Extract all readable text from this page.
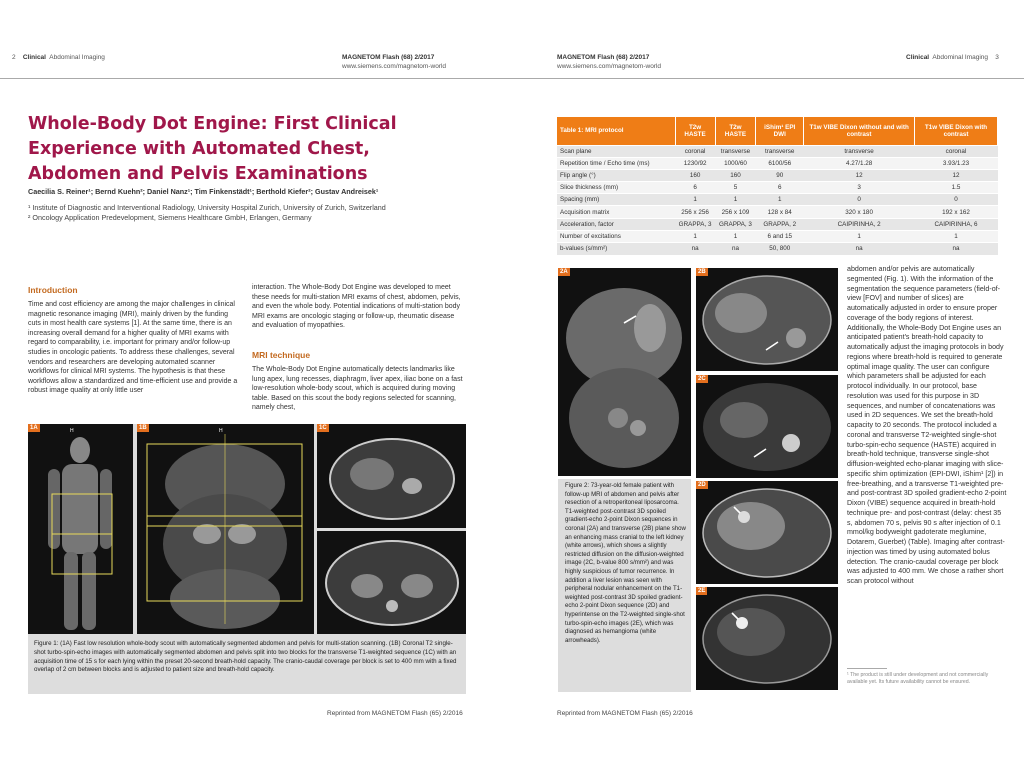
2 Clinical Abdominal Imaging	MAGNETOM Flash (68) 2/2017
www.siemens.com/magnetom-world
Whole-Body Dot Engine: First Clinical Experience with Automated Chest, Abdomen and Pelvis Examinations
Caecilia S. Reiner¹; Bernd Kuehn²; Daniel Nanz¹; Tim Finkenstädt¹; Berthold Kiefer²; Gustav Andreisek¹
¹ Institute of Diagnostic and Interventional Radiology, University Hospital Zurich, University of Zurich, Switzerland
² Oncology Application Predevelopment, Siemens Healthcare GmbH, Erlangen, Germany
Introduction
Time and cost efficiency are among the major challenges in clinical magnetic resonance imaging (MRI), mainly driven by the funding cuts in most health care systems [1]. At the same time, there is an increasing overall demand for a higher quality of MRI exams with regard to comparability, i.e. important for primary and/or follow-up studies in oncologic patients. To address these challenges, several vendors and researchers are developing automated scanner workflows for clinical MRI systems. The hypothesis is that these workflows allow a standardized and time-efficient use and provide a robust image quality at only little user
interaction. The Whole-Body Dot Engine was developed to meet these needs for multi-station MRI exams of chest, abdomen, pelvis, and even the whole body. Potential indications of multi-station body MRI exams are oncologic staging or follow-up, rheumatic disease and evaluation of myopathies.
MRI technique
The Whole-Body Dot Engine automatically detects landmarks like lung apex, lung recesses, diaphragm, liver apex, iliac bone on a fast low-resolution whole-body scout, which is acquired during moving table. Based on this scout the body regions selected for scanning, namely chest,
1A	H	1B	H	1C
Figure 1: (1A) Fast low resolution whole-body scout with automatically segmented abdomen and pelvis for multi-station scanning. (1B) Coronal T2 single-shot turbo-spin-echo images with automatically segmented abdomen and pelvis split into two blocks for the transverse T1-weighted sequence (1C) with an acquisition time of 15 s for each lying within the preset 20-second breath-hold capacity. The cranio-caudal coverage per block is set to 400 mm with a fixed overlap of 2 cm between blocks and is adjusted to patient size and breath-hold capacity.
Reprinted from MAGNETOM Flash (65) 2/2016
MAGNETOM Flash (68) 2/2017
www.siemens.com/magnetom-world
Clinical Abdominal Imaging 3
Table 1: MRI protocol	T2w HASTE	T2w HASTE	iShim¹ EPI DWI	T1w VIBE Dixon without and with contrast	T1w VIBE Dixon with contrast
Scan plane	coronal	transverse	transverse	transverse	coronal
Repetition time / Echo time (ms)	1230/92	1000/60	6100/56	4.27/1.28	3.93/1.23
Flip angle (°)	160	160	90	12	12
Slice thickness (mm)	6	5	6	3	1.5
Spacing (mm)	1	1	1	0	0
Acquisition matrix	256 x 256	256 x 109	128 x 84	320 x 180	192 x 162
Acceleration, factor	GRAPPA, 3	GRAPPA, 3	GRAPPA, 2	CAIPIRINHA, 2	CAIPIRINHA, 6
Number of excitations	1	1	6 and 15	1	1
b-values (s/mm²)	na	na	50, 800	na	na
2A	2B
2C
2D
2E
Figure 2: 73-year-old female patient with follow-up MRI of abdomen and pelvis after resection of a retroperitoneal liposarcoma. T1-weighted post-contrast 3D spoiled gradient-echo 2-point Dixon sequences in coronal (2A) and transverse (2B) plane show an enhancing mass cranial to the left kidney (white arrows), which shows a slightly restricted diffusion on the diffusion-weighted image (2C, b-value 800 s/mm²) and was highly suspicious of tumor recurrence. In addition a liver lesion was seen with peripheral nodular enhancement on the T1-weighted post-contrast 3D spoiled gradient-echo 2-point Dixon sequence (2D) and hyperintense on the T2-weighted single-shot turbo-spin-echo images (2E), which was diagnosed as hemangioma (white arrowheads).
abdomen and/or pelvis are automatically segmented (Fig. 1). With the information of the segmentation the sequence parameters (field-of-view [FOV] and number of slices) are automatically adjusted in order to ensure proper coverage of the body regions of interest. Additionally, the Whole-Body Dot Engine uses an anticipated patient's breath-hold capacity to automatically adjust the imaging protocols in body regions where breath-hold is required to generate optimal image quality. The user can configure which parameters shall be adjusted for each protocol individually. In our protocol, base resolution was used for this purpose in 3D sequences, and number of concatenations was used in 2D sequences. We set the breath-hold capacity to 20 seconds. The protocol included a coronal and transverse T2-weighted single-shot turbo-spin-echo sequence (HASTE) acquired in breath-hold technique, transverse single-shot diffusion-weighted echo-planar imaging with slice-specific shim optimization (EPI-DWI, iShim¹ [2]) in free-breathing, and a transverse T1-weighted pre- and post-contrast 3D spoiled gradient-echo 2-point Dixon (VIBE) sequence acquired in breath-hold technique pre- and post-contrast (delay: chest 35 s, abdomen 70 s, pelvis 90 s after injection of 0.1 mmol/kg bodyweight gadoterate meglumine, Dotarem, Guerbet) (Table). Imaging after contrast-injection was timed by using automated bolus detection. The cranio-caudal coverage per block was adjusted to 400 mm. We chose a rather short scan protocol without
¹ The product is still under development and not commercially available yet. Its future availability cannot be ensured.
Reprinted from MAGNETOM Flash (65) 2/2016
